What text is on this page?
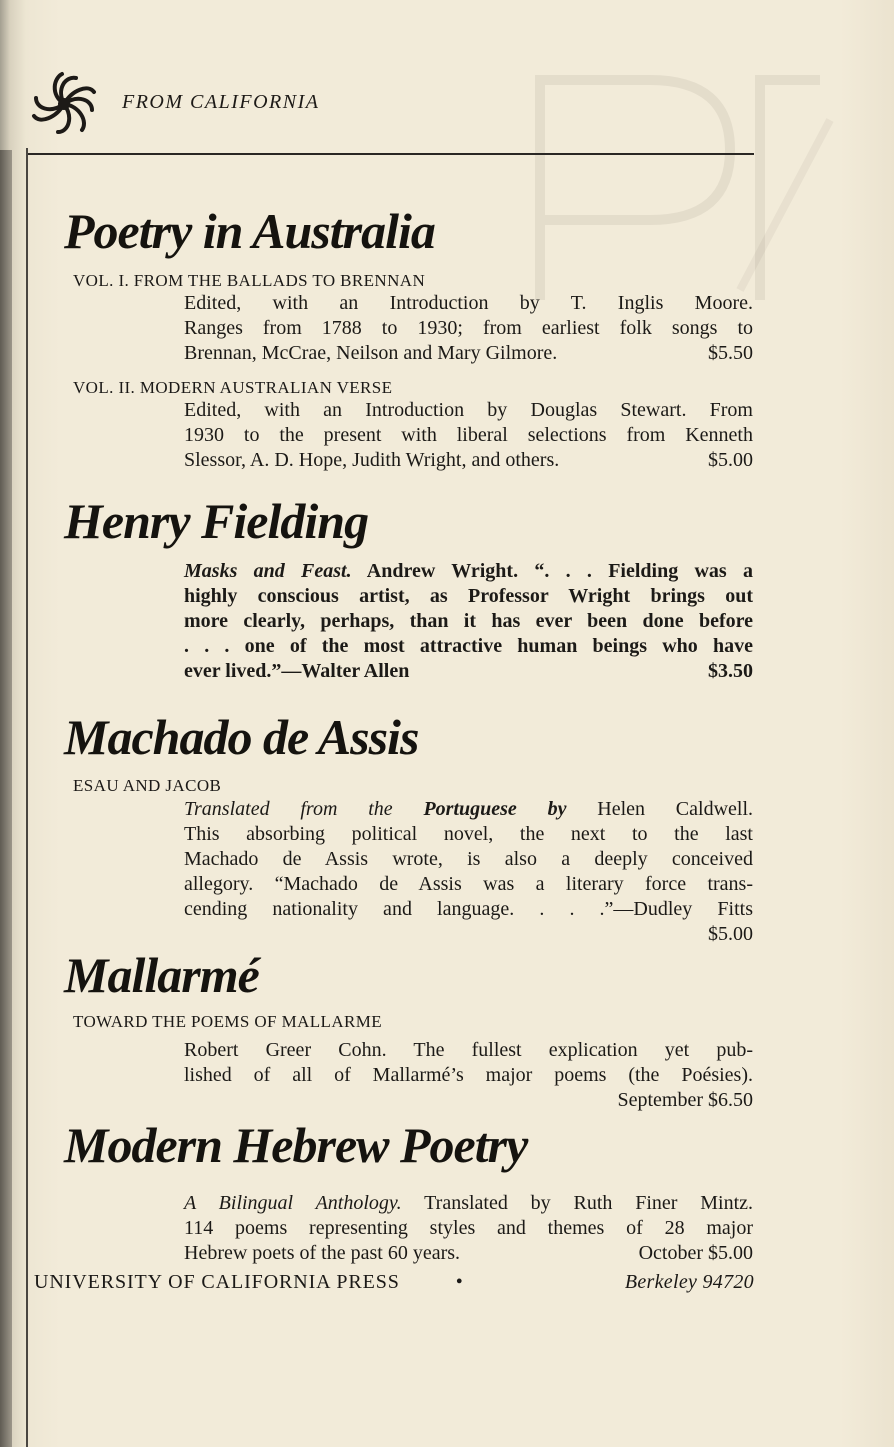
FROM CALIFORNIA
Poetry in Australia
VOL. I. FROM THE BALLADS TO BRENNAN
Edited, with an Introduction by T. Inglis Moore.
Ranges from 1788 to 1930; from earliest folk songs to
Brennan, McCrae, Neilson and Mary Gilmore.	$5.50
VOL. II. MODERN AUSTRALIAN VERSE
Edited, with an Introduction by Douglas Stewart. From
1930 to the present with liberal selections from Kenneth
Slessor, A. D. Hope, Judith Wright, and others.	$5.00
Henry Fielding
Masks and Feast. Andrew Wright. “. . . Fielding was a
highly conscious artist, as Professor Wright brings out
more clearly, perhaps, than it has ever been done before
. . . one of the most attractive human beings who have
ever lived.”—Walter Allen	$3.50
Machado de Assis
ESAU AND JACOB
Translated from the Portuguese by Helen Caldwell.
This absorbing political novel, the next to the last
Machado de Assis wrote, is also a deeply conceived
allegory. “Machado de Assis was a literary force trans-
cending nationality and language. . . .”—Dudley Fitts
$5.00
Mallarmé
TOWARD THE POEMS OF MALLARME
Robert Greer Cohn. The fullest explication yet pub-
lished of all of Mallarmé’s major poems (the Poésies).
September $6.50
Modern Hebrew Poetry
A Bilingual Anthology. Translated by Ruth Finer Mintz.
114 poems representing styles and themes of 28 major
Hebrew poets of the past 60 years.	October $5.00
UNIVERSITY OF CALIFORNIA PRESS	•	Berkeley 94720
